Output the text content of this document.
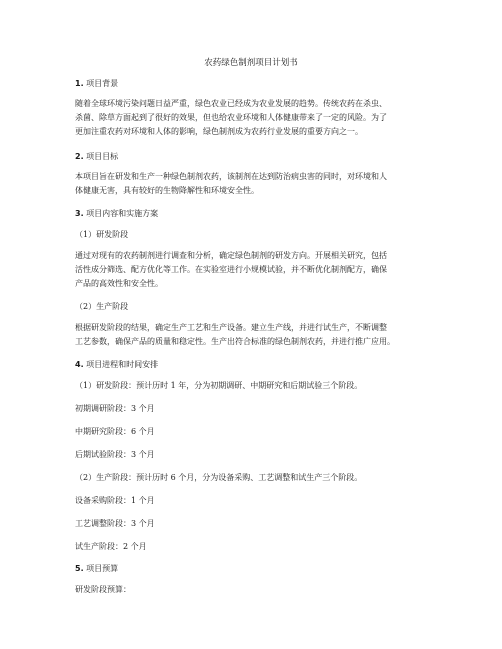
农药绿色制剂项目计划书
1. 项目背景
随着全球环境污染问题日益严重，绿色农业已经成为农业发展的趋势。传统农药在杀虫、
杀菌、除草方面起到了很好的效果，但也给农业环境和人体健康带来了一定的风险。为了
更加注重农药对环境和人体的影响，绿色制剂成为农药行业发展的重要方向之一。
2. 项目目标
本项目旨在研发和生产一种绿色制剂农药，该制剂在达到防治病虫害的同时，对环境和人
体健康无害，具有较好的生物降解性和环境安全性。
3. 项目内容和实施方案
（1）研发阶段
通过对现有的农药制剂进行调查和分析，确定绿色制剂的研发方向。开展相关研究，包括
活性成分筛选、配方优化等工作。在实验室进行小规模试验，并不断优化制剂配方，确保
产品的高效性和安全性。
（2）生产阶段
根据研发阶段的结果，确定生产工艺和生产设备。建立生产线，并进行试生产，不断调整
工艺参数，确保产品的质量和稳定性。生产出符合标准的绿色制剂农药，并进行推广应用。
4. 项目进程和时间安排
（1）研发阶段：预计历时 1 年，分为初期调研、中期研究和后期试验三个阶段。
初期调研阶段：3 个月
中期研究阶段：6 个月
后期试验阶段：3 个月
（2）生产阶段：预计历时 6 个月，分为设备采购、工艺调整和试生产三个阶段。
设备采购阶段：1 个月
工艺调整阶段：3 个月
试生产阶段：2 个月
5. 项目预算
研发阶段预算：
